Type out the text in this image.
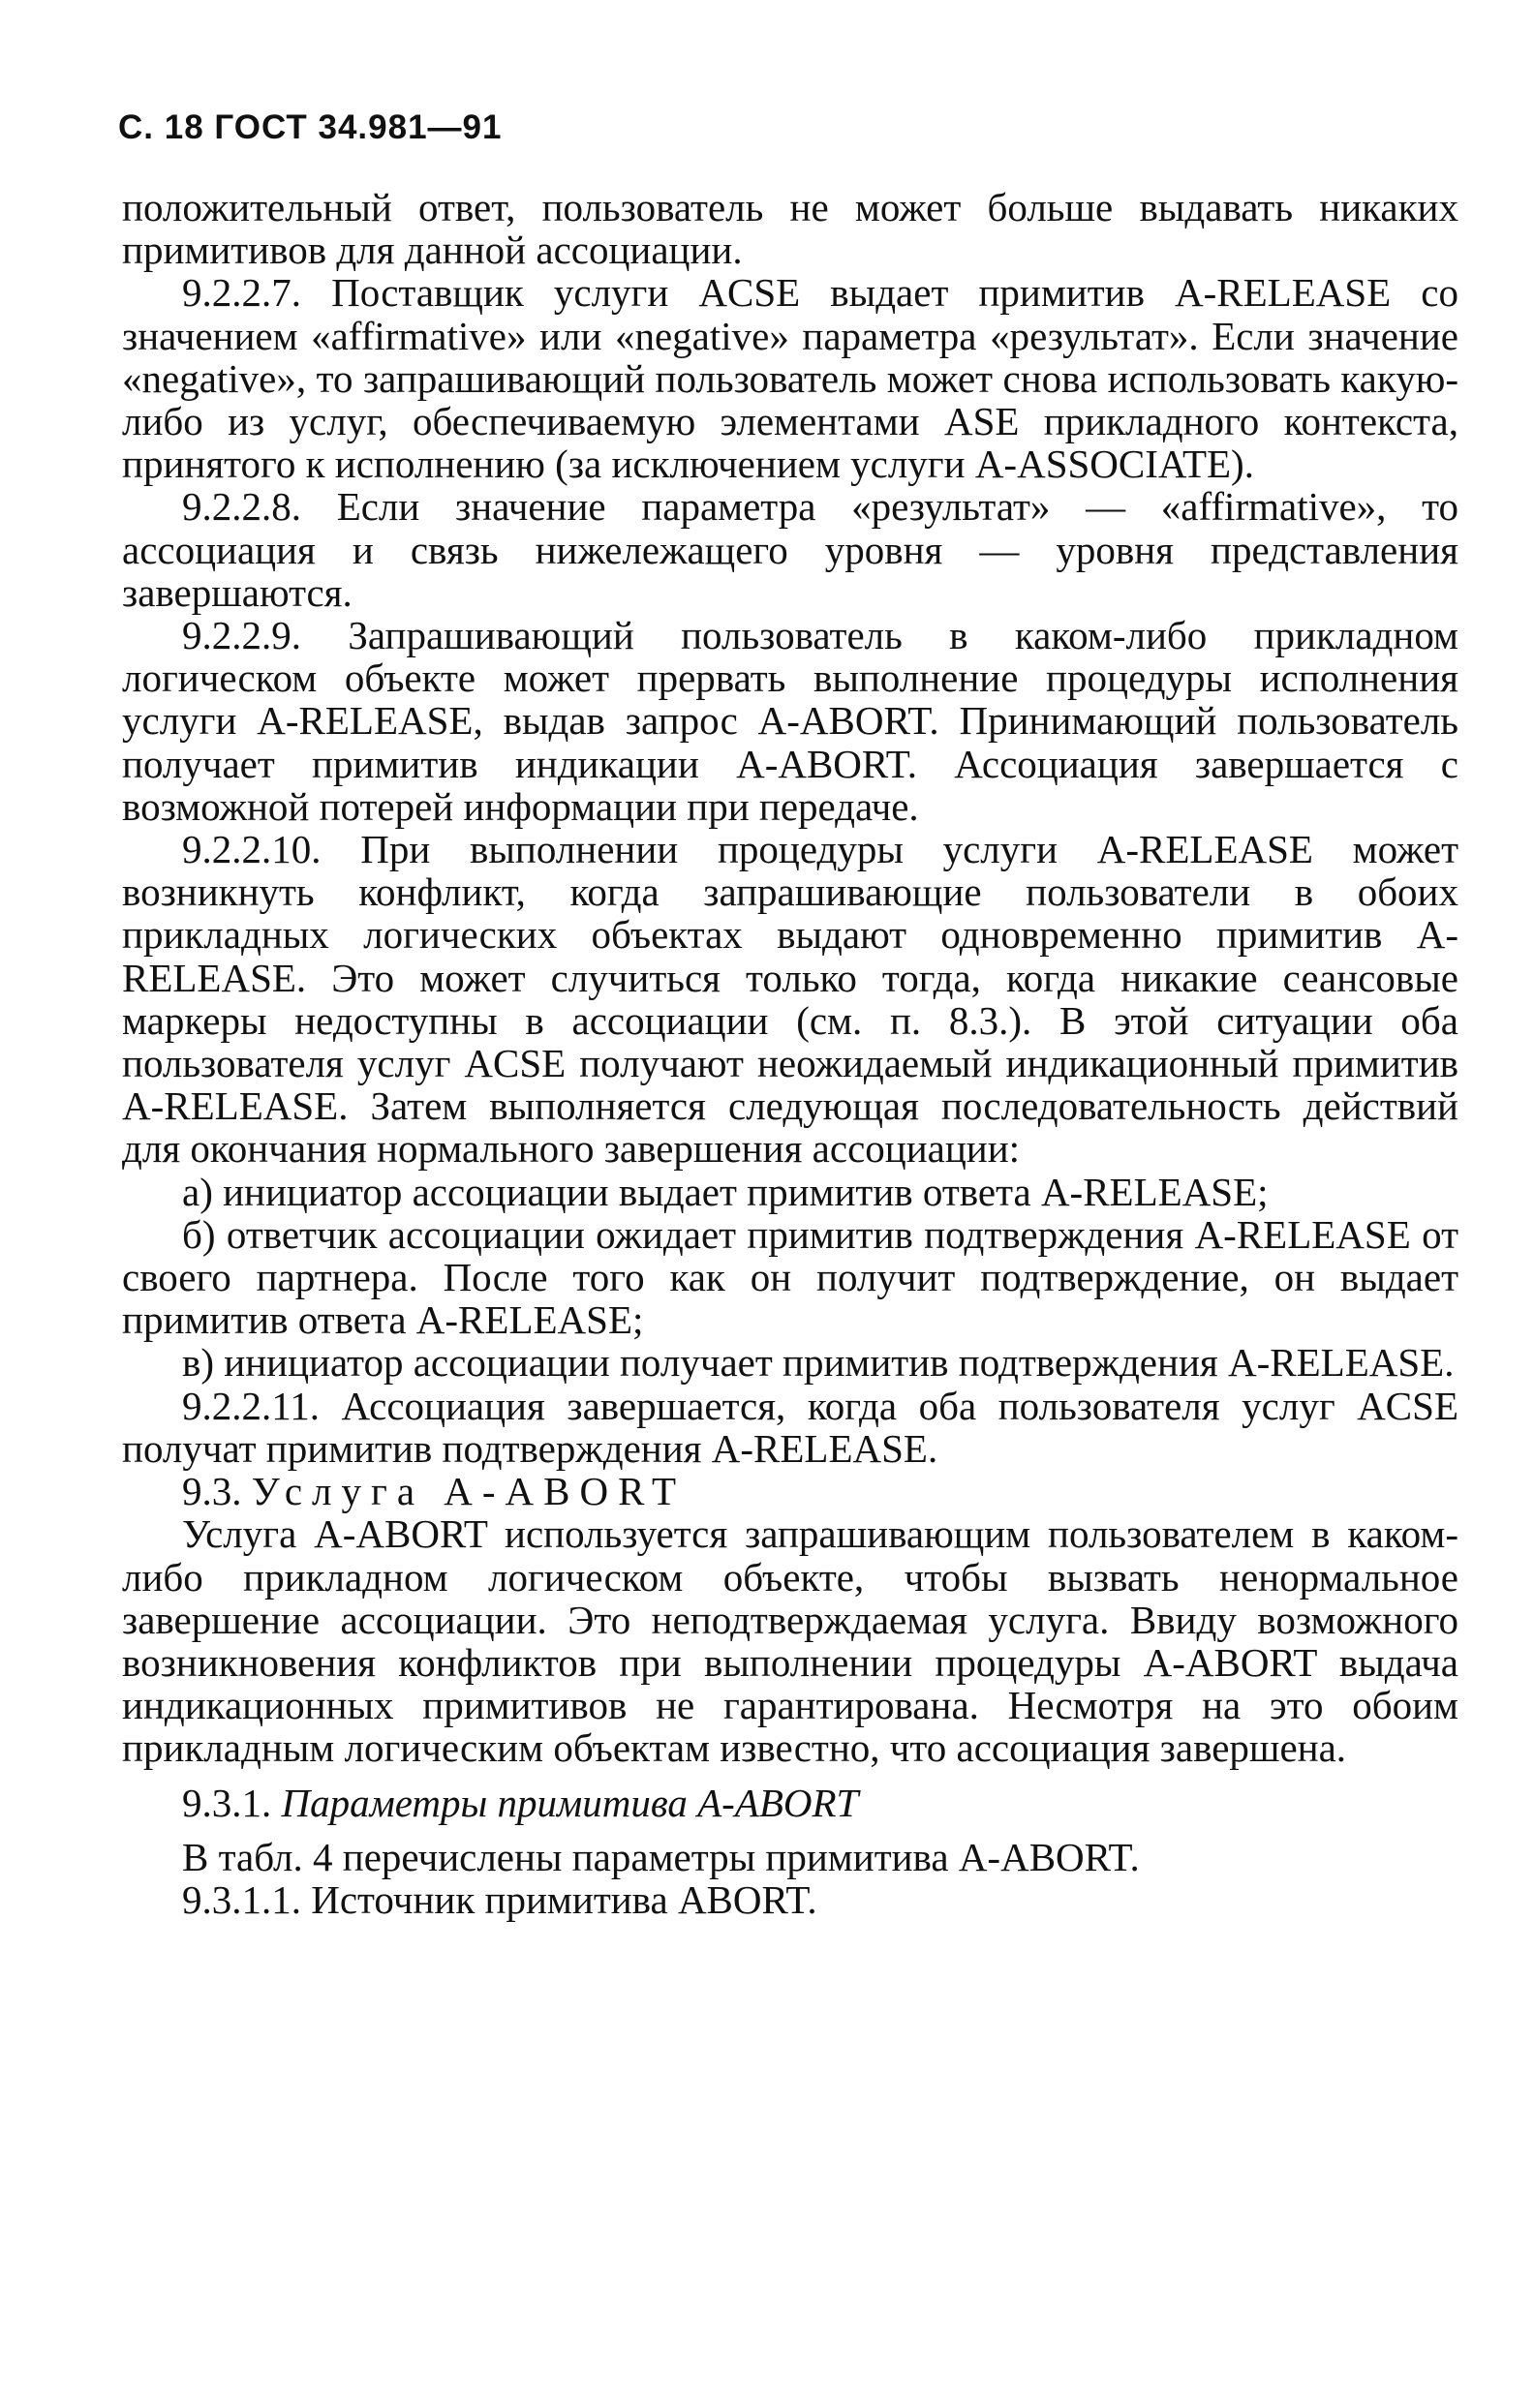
С. 18 ГОСТ 34.981—91

положительный ответ, пользователь не может больше выдавать никаких примитивов для данной ассоциации.

9.2.2.7. Поставщик услуги ACSE выдает примитив A-RELEASE со значением «affirmative» или «negative» параметра «результат». Если значение «negative», то запрашивающий пользователь может снова использовать какую-либо из услуг, обеспечиваемую элементами ASE прикладного контекста, принятого к исполнению (за исключением услуги A-ASSOCIATE).

9.2.2.8. Если значение параметра «результат» — «affirmative», то ассоциация и связь нижележащего уровня — уровня представления завершаются.

9.2.2.9. Запрашивающий пользователь в каком-либо прикладном логическом объекте может прервать выполнение процедуры исполнения услуги A-RELEASE, выдав запрос A-ABORT. Принимающий пользователь получает примитив индикации A-ABORT. Ассоциация завершается с возможной потерей информации при передаче.

9.2.2.10. При выполнении процедуры услуги A-RELEASE может возникнуть конфликт, когда запрашивающие пользователи в обоих прикладных логических объектах выдают одновременно примитив A-RELEASE. Это может случиться только тогда, когда никакие сеансовые маркеры недоступны в ассоциации (см. п. 8.3.). В этой ситуации оба пользователя услуг ACSE получают неожидаемый индикационный примитив A-RELEASE. Затем выполняется следующая последовательность действий для окончания нормального завершения ассоциации:

а) инициатор ассоциации выдает примитив ответа A-RELEASE;

б) ответчик ассоциации ожидает примитив подтверждения A-RELEASE от своего партнера. После того как он получит подтверждение, он выдает примитив ответа A-RELEASE;

в) инициатор ассоциации получает примитив подтверждения A-RELEASE.

9.2.2.11. Ассоциация завершается, когда оба пользователя услуг ACSE получат примитив подтверждения A-RELEASE.

9.3. Услуга A-ABORT

Услуга A-ABORT используется запрашивающим пользователем в каком-либо прикладном логическом объекте, чтобы вызвать ненормальное завершение ассоциации. Это неподтверждаемая услуга. Ввиду возможного возникновения конфликтов при выполнении процедуры A-ABORT выдача индикационных примитивов не гарантирована. Несмотря на это обоим прикладным логическим объектам известно, что ассоциация завершена.

9.3.1. Параметры примитива A-ABORT

В табл. 4 перечислены параметры примитива A-ABORT.

9.3.1.1. Источник примитива ABORT.
